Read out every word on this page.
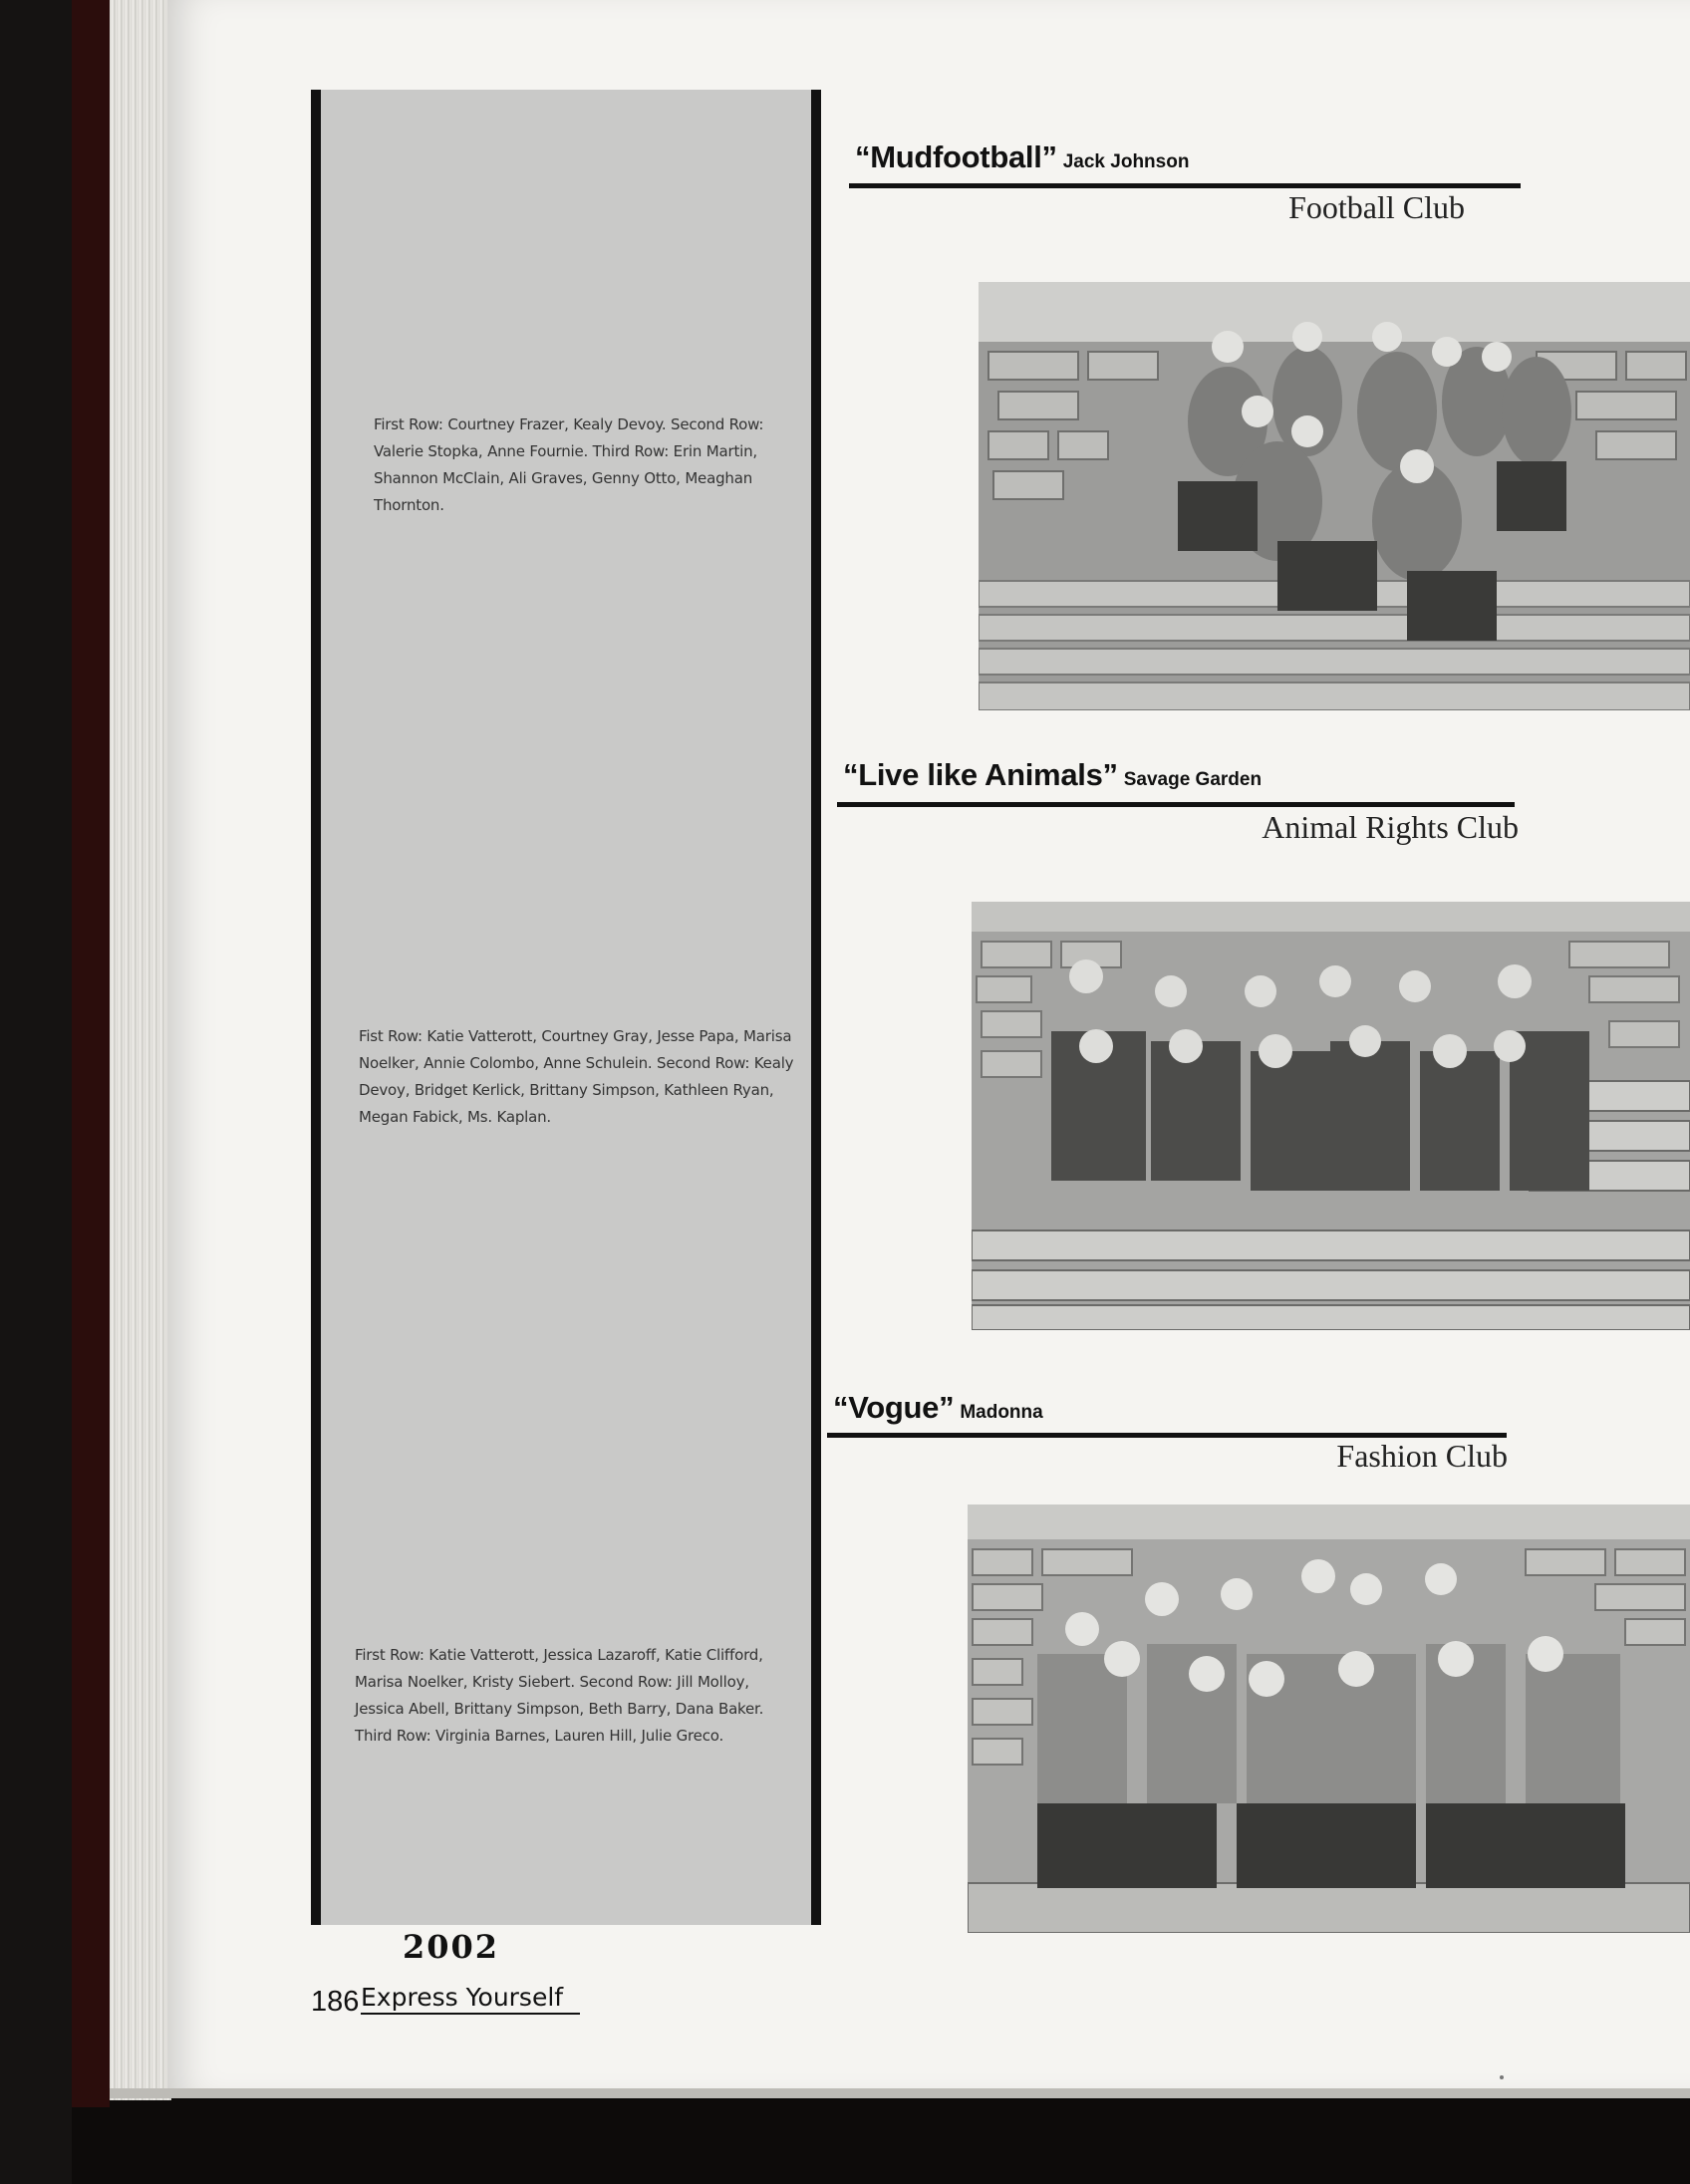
First Row: Courtney Frazer, Kealy Devoy. Second Row: Valerie Stopka, Anne Fournie. Third Row: Erin Martin, Shannon McClain, Ali Graves, Genny Otto, Meaghan Thornton.
Fist Row: Katie Vatterott, Courtney Gray, Jesse Papa, Marisa Noelker, Annie Colombo, Anne Schulein. Second Row: Kealy Devoy, Bridget Kerlick, Brittany Simpson, Kathleen Ryan, Megan Fabick, Ms. Kaplan.
First Row: Katie Vatterott, Jessica Lazaroff, Katie Clifford, Marisa Noelker, Kristy Siebert. Second Row: Jill Molloy, Jessica Abell, Brittany Simpson, Beth Barry, Dana Baker. Third Row: Virginia Barnes, Lauren Hill, Julie Greco.
“Mudfootball” Jack Johnson
Football Club
“Live like Animals” Savage Garden
Animal Rights Club
“Vogue” Madonna
Fashion Club
2002
186 Express Yourself
